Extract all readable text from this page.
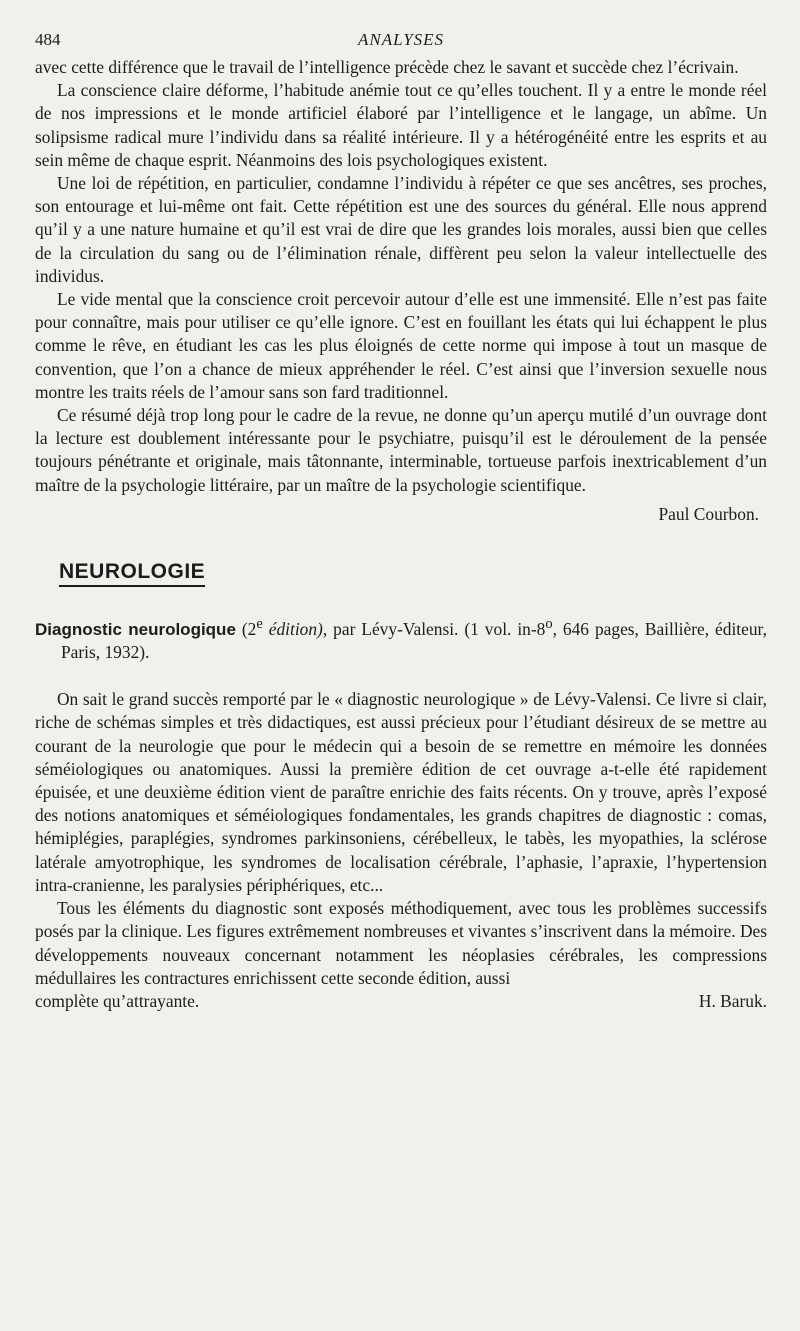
484	ANALYSES

avec cette différence que le travail de l’intelligence précède chez le savant et succède chez l’écrivain.

La conscience claire déforme, l’habitude anémie tout ce qu’elles touchent. Il y a entre le monde réel de nos impressions et le monde artificiel élaboré par l’intelligence et le langage, un abîme. Un solipsisme radical mure l’individu dans sa réalité intérieure. Il y a hétérogénéité entre les esprits et au sein même de chaque esprit. Néanmoins des lois psychologiques existent.

Une loi de répétition, en particulier, condamne l’individu à répéter ce que ses ancêtres, ses proches, son entourage et lui-même ont fait. Cette répétition est une des sources du général. Elle nous apprend qu’il y a une nature humaine et qu’il est vrai de dire que les grandes lois morales, aussi bien que celles de la circulation du sang ou de l’élimination rénale, diffèrent peu selon la valeur intellectuelle des individus.

Le vide mental que la conscience croit percevoir autour d’elle est une immensité. Elle n’est pas faite pour connaître, mais pour utiliser ce qu’elle ignore. C’est en fouillant les états qui lui échappent le plus comme le rêve, en étudiant les cas les plus éloignés de cette norme qui impose à tout un masque de convention, que l’on a chance de mieux appréhender le réel. C’est ainsi que l’inversion sexuelle nous montre les traits réels de l’amour sans son fard traditionnel.

Ce résumé déjà trop long pour le cadre de la revue, ne donne qu’un aperçu mutilé d’un ouvrage dont la lecture est doublement intéressante pour le psychiatre, puisqu’il est le déroulement de la pensée toujours pénétrante et originale, mais tâtonnante, interminable, tortueuse parfois inextricablement d’un maître de la psychologie littéraire, par un maître de la psychologie scientifique.

Paul Courbon.
NEUROLOGIE
Diagnostic neurologique (2e édition), par Lévy-Valensi. (1 vol. in-8$^o$, 646 pages, Baillière, éditeur, Paris, 1932).

On sait le grand succès remporté par le « diagnostic neurologique » de Lévy-Valensi. Ce livre si clair, riche de schémas simples et très didactiques, est aussi précieux pour l’étudiant désireux de se mettre au courant de la neurologie que pour le médecin qui a besoin de se remettre en mémoire les données séméiologiques ou anatomiques. Aussi la première édition de cet ouvrage a-t-elle été rapidement épuisée, et une deuxième édition vient de paraître enrichie des faits récents. On y trouve, après l’exposé des notions anatomiques et séméiologiques fondamentales, les grands chapitres de diagnostic : comas, hémiplégies, paraplégies, syndromes parkinsoniens, cérébelleux, le tabès, les myopathies, la sclérose latérale amyotrophique, les syndromes de localisation cérébrale, l’aphasie, l’apraxie, l’hypertension intra-cranienne, les paralysies périphériques, etc...

Tous les éléments du diagnostic sont exposés méthodiquement, avec tous les problèmes successifs posés par la clinique. Les figures extrêmement nombreuses et vivantes s’inscrivent dans la mémoire. Des développements nouveaux concernant notamment les néoplasies cérébrales, les compressions médullaires les contractures enrichissent cette seconde édition, aussi

complète qu’attrayante.	H. Baruk.
